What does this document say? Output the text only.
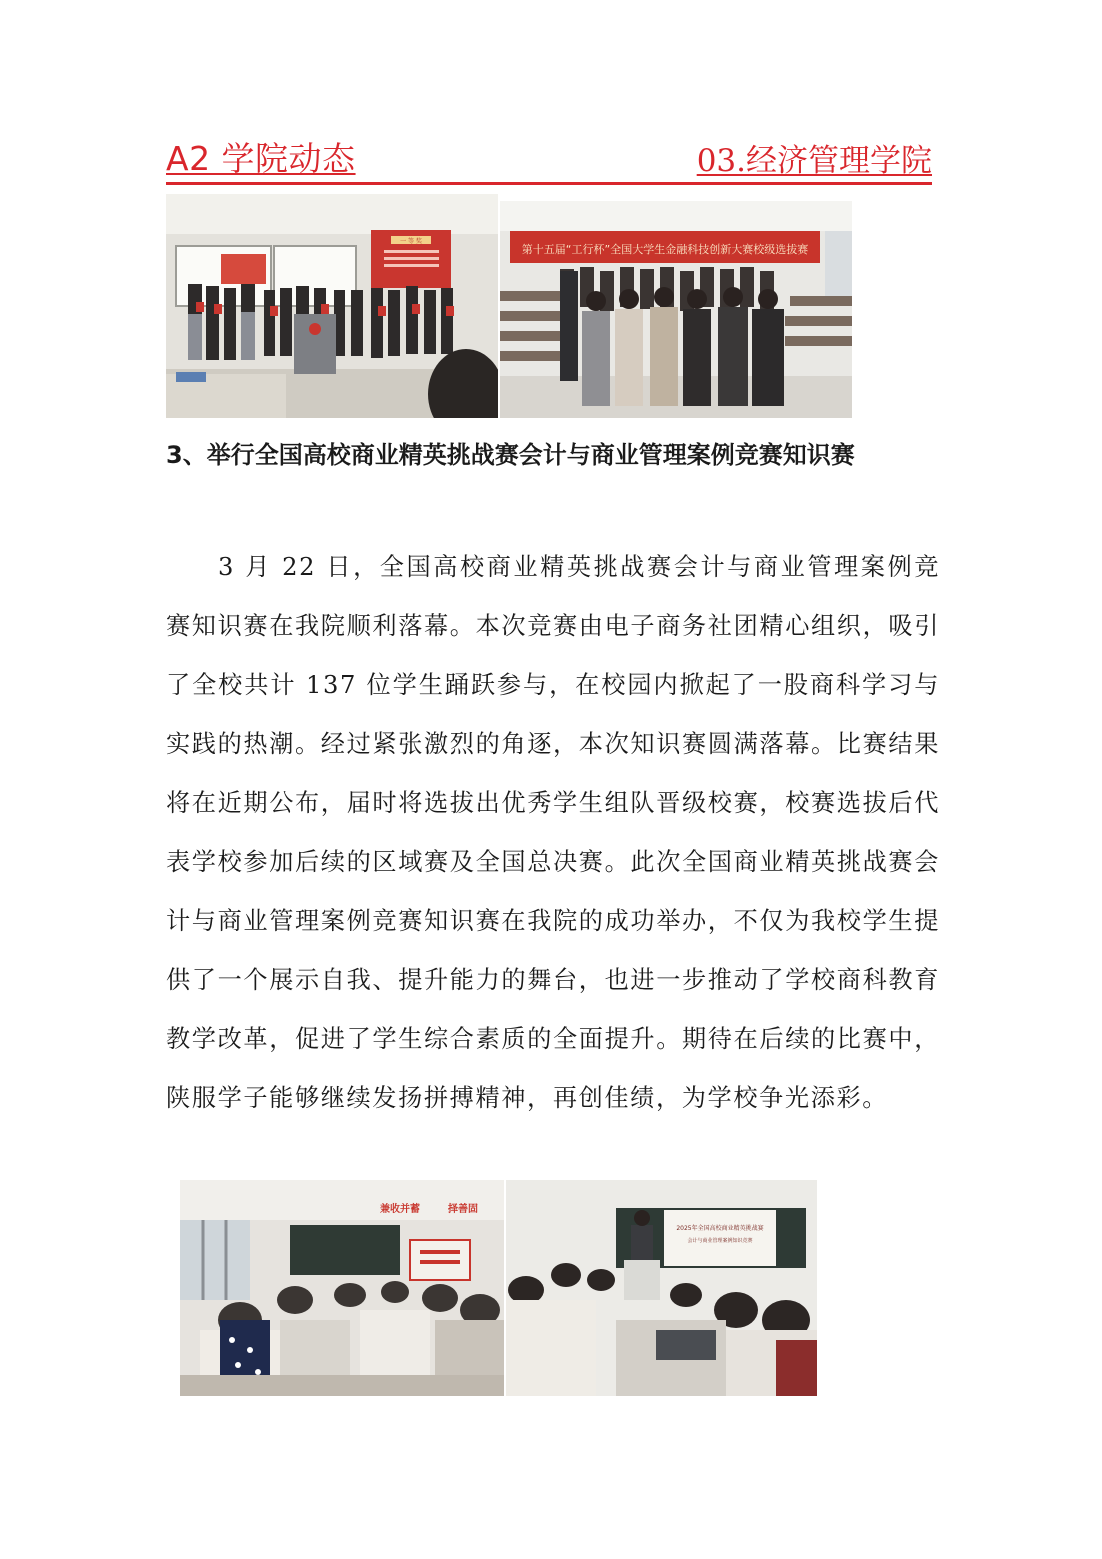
A2 学院动态	03.经济管理学院
一 等 奖
第十五届“工行杯”全国大学生金融科技创新大赛校级选拔赛
3、举行全国高校商业精英挑战赛会计与商业管理案例竞赛知识赛

3 月 22 日，全国高校商业精英挑战赛会计与商业管理案例竞赛知识赛在我院顺利落幕。本次竞赛由电子商务社团精心组织，吸引了全校共计 137 位学生踊跃参与，在校园内掀起了一股商科学习与实践的热潮。经过紧张激烈的角逐，本次知识赛圆满落幕。比赛结果将在近期公布，届时将选拔出优秀学生组队晋级校赛，校赛选拔后代表学校参加后续的区域赛及全国总决赛。此次全国商业精英挑战赛会计与商业管理案例竞赛知识赛在我院的成功举办，不仅为我校学生提供了一个展示自我、提升能力的舞台，也进一步推动了学校商科教育教学改革，促进了学生综合素质的全面提升。期待在后续的比赛中，陕服学子能够继续发扬拼搏精神，再创佳绩，为学校争光添彩。

兼收并蓄	择善固
2025年全国高校商业精英挑战赛
会计与商业管理案例知识竞赛
